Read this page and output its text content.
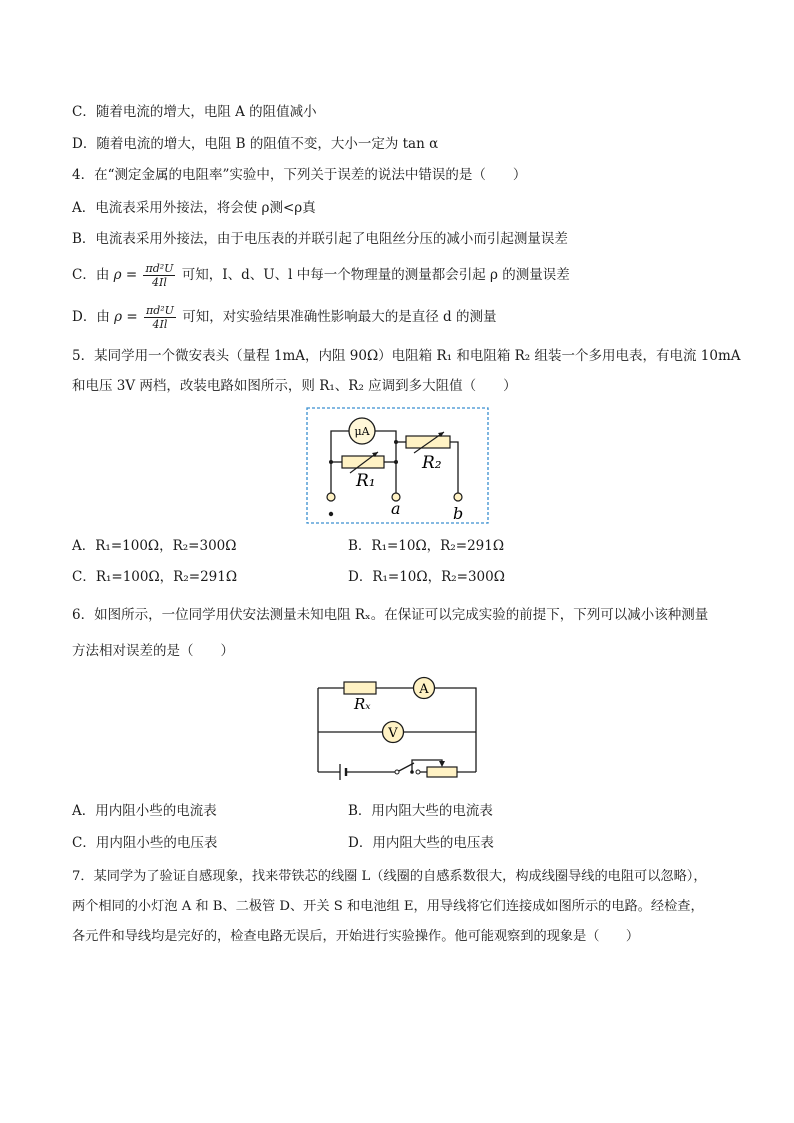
C．随着电流的增大，电阻 A 的阻值减小
D．随着电流的增大，电阻 B 的阻值不变，大小一定为 tan α
4．在“测定金属的电阻率”实验中，下列关于误差的说法中错误的是（　　）
A．电流表采用外接法，将会使 ρ测<ρ真
B．电流表采用外接法，由于电压表的并联引起了电阻丝分压的减小而引起测量误差
C．由 $\rho = \frac{\text{πd²U}}{4Il}$ 可知，I、d、U、l 中每一个物理量的测量都会引起 ρ 的测量误差
D．由 $\rho = \frac{\text{πd²U}}{4Il}$ 可知，对实验结果准确性影响最大的是直径 d 的测量
5．某同学用一个微安表头（量程 1mA，内阻 90Ω）电阻箱 R₁ 和电阻箱 R₂ 组装一个多用电表，有电流 10mA
和电压 3V 两档，改装电路如图所示，则 R₁、R₂ 应调到多大阻值（　　）
μA
R₁
R₂
a	b
A．R₁=100Ω，R₂=300Ω	B．R₁=10Ω，R₂=291Ω
C．R₁=100Ω，R₂=291Ω	D．R₁=10Ω，R₂=300Ω
6．如图所示，一位同学用伏安法测量未知电阻 Rₓ。在保证可以完成实验的前提下，下列可以减小该种测量
方法相对误差的是（　　）
Rₓ
A
V
A．用内阻小些的电流表	B．用内阻大些的电流表
C．用内阻小些的电压表	D．用内阻大些的电压表
7．某同学为了验证自感现象，找来带铁芯的线圈 L（线圈的自感系数很大，构成线圈导线的电阻可以忽略），
两个相同的小灯泡 A 和 B、二极管 D、开关 S 和电池组 E，用导线将它们连接成如图所示的电路。经检查，
各元件和导线均是完好的，检查电路无误后，开始进行实验操作。他可能观察到的现象是（　　）
